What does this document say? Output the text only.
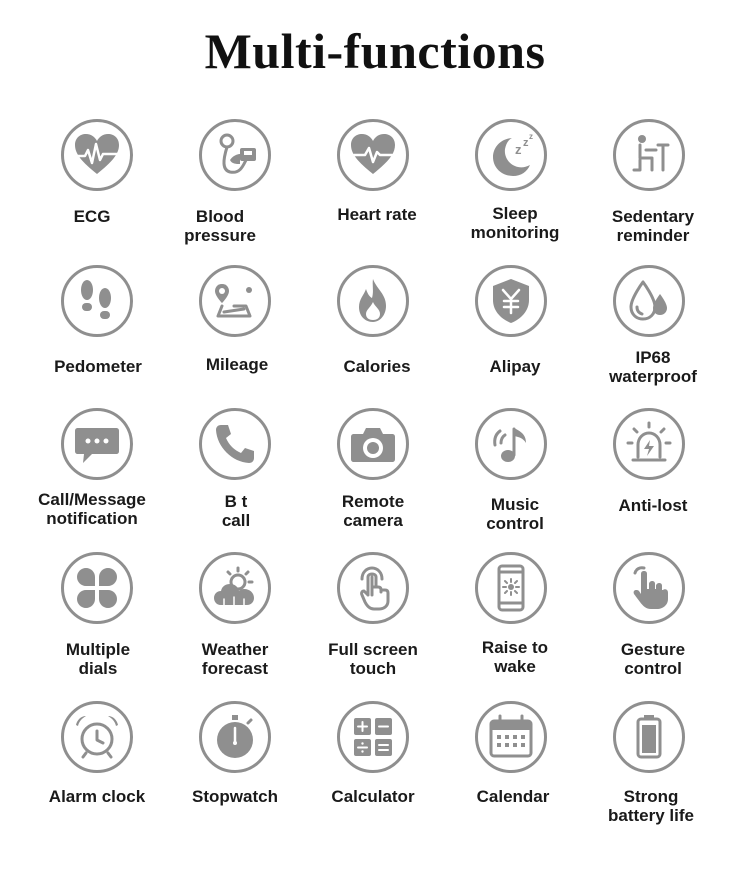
Multi-functions
ECG	Blood
pressure
Heart rate
z z
z
Sleep
monitoring
Sedentary
reminder
Pedometer	Mileage	Calories	Alipay	IP68
waterproof
Call/Message
notification
B t
call
Remote
camera
Music
control
Anti-lost
Multiple
dials
Weather
forecast
Full screen
touch
Raise to
wake
Gesture
control
Alarm clock	Stopwatch	Calculator	Calendar	Strong
battery life
